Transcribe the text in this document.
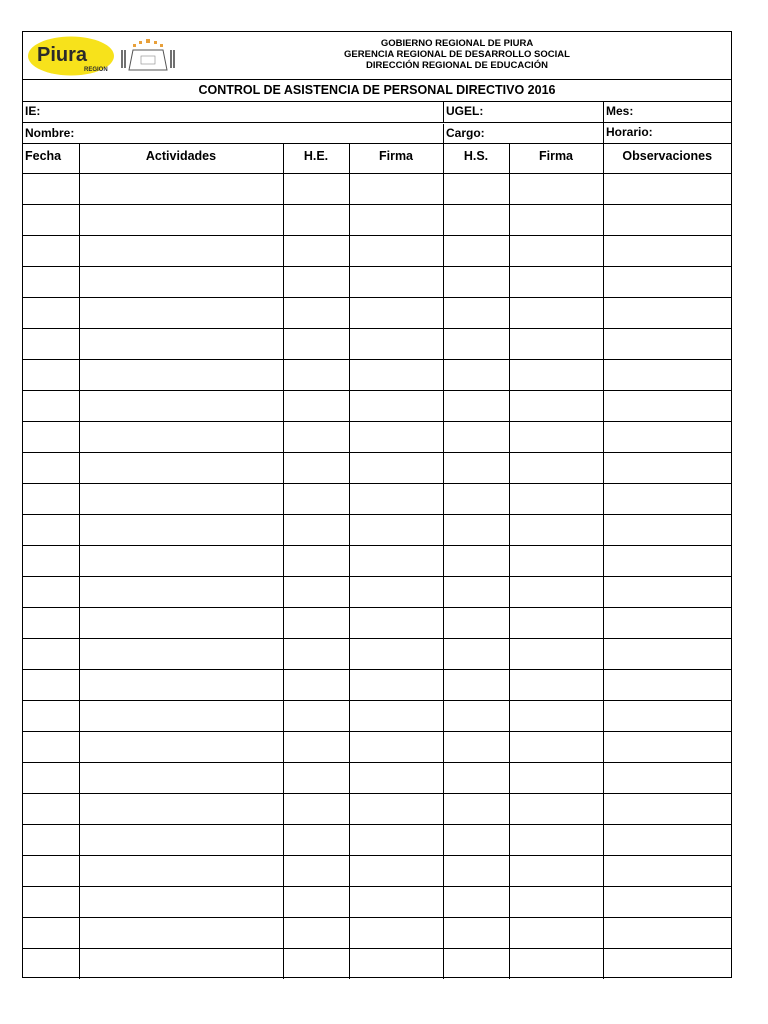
Piura
REGION
GOBIERNO REGIONAL DE PIURA
GERENCIA REGIONAL DE DESARROLLO SOCIAL
DIRECCIÓN REGIONAL DE EDUCACIÓN
CONTROL DE ASISTENCIA DE PERSONAL DIRECTIVO 2016
IE:	UGEL:	Mes:
Nombre:	Cargo:	Horario:
Fecha	Actividades	H.E.	Firma	H.S.	Firma	Observaciones
